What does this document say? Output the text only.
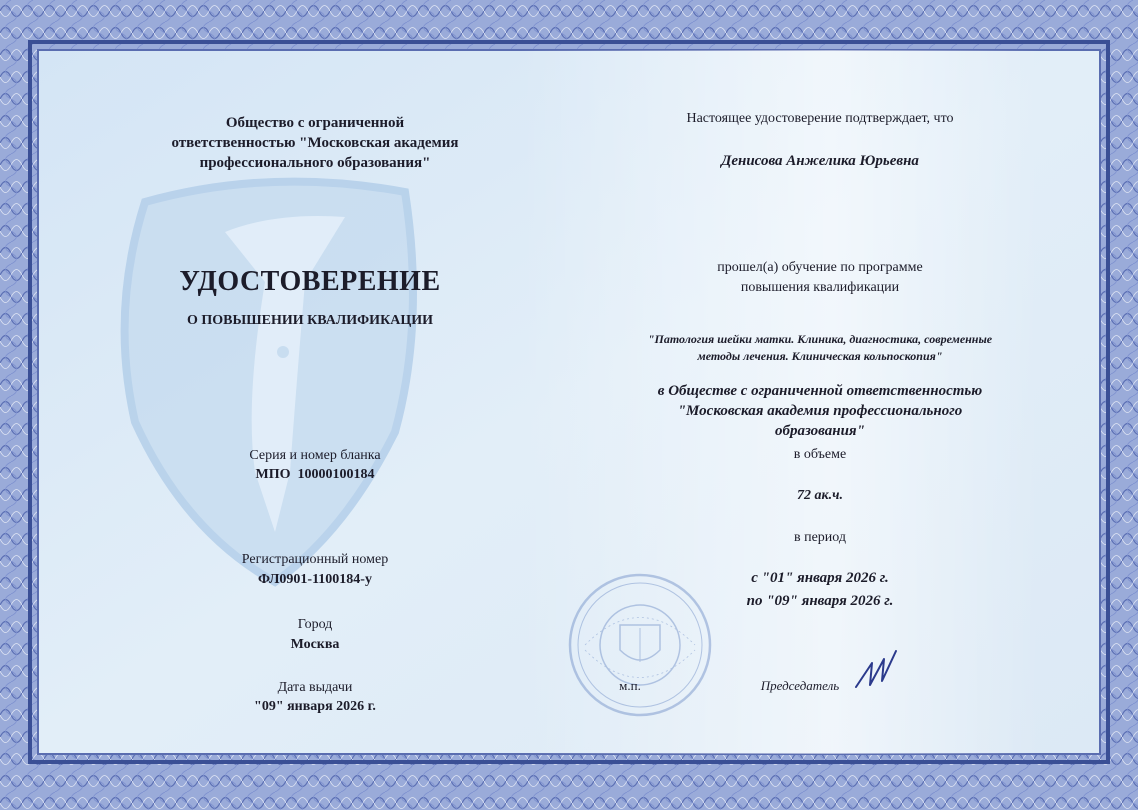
Общество с ограниченной
ответственностью "Московская академия
профессионального образования"
УДОСТОВЕРЕНИЕ
О ПОВЫШЕНИИ КВАЛИФИКАЦИИ
Серия и номер бланка
МПО  10000100184
Регистрационный номер
ФЛ0901-1100184-у
Город
Москва
Дата выдачи
"09" января 2026 г.
Настоящее удостоверение подтверждает, что
Денисова Анжелика Юрьевна
прошел(а) обучение по программе
повышения квалификации
"Патология шейки матки. Клиника, диагностика, современные
методы лечения. Клиническая кольпоскопия"
в Обществе с ограниченной ответственностью
"Московская академия профессионального
образования"
в объеме
72 ак.ч.
в период
с "01" января 2026 г.
по "09" января 2026 г.
м.п.	Председатель
